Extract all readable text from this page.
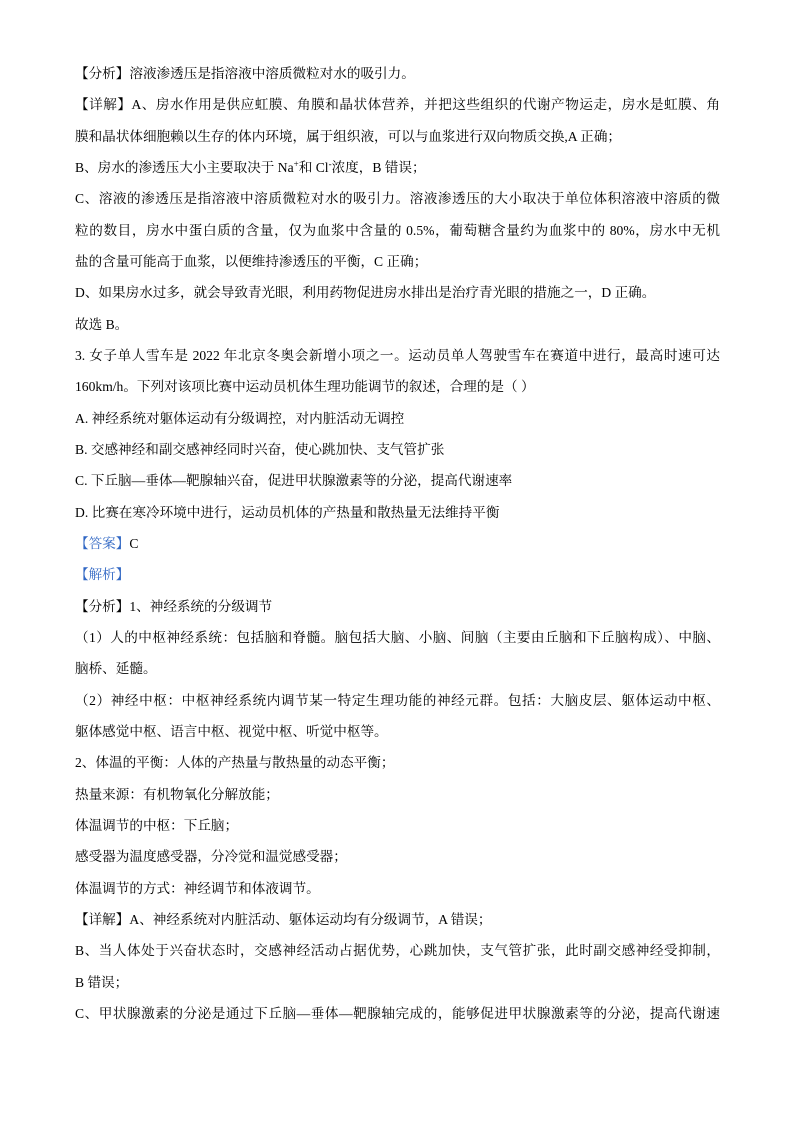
【分析】溶液渗透压是指溶液中溶质微粒对水的吸引力。
【详解】A、房水作用是供应虹膜、角膜和晶状体营养，并把这些组织的代谢产物运走，房水是虹膜、角
膜和晶状体细胞赖以生存的体内环境，属于组织液，可以与血浆进行双向物质交换,A 正确；
B、房水的渗透压大小主要取决于 Na+和 Cl-浓度，B 错误；
C、溶液的渗透压是指溶液中溶质微粒对水的吸引力。溶液渗透压的大小取决于单位体积溶液中溶质的微
粒的数目，房水中蛋白质的含量，仅为血浆中含量的 0.5%，葡萄糖含量约为血浆中的 80%，房水中无机
盐的含量可能高于血浆，以便维持渗透压的平衡，C 正确；
D、如果房水过多，就会导致青光眼，利用药物促进房水排出是治疗青光眼的措施之一，D 正确。
故选 B。
3. 女子单人雪车是 2022 年北京冬奥会新增小项之一。运动员单人驾驶雪车在赛道中进行，最高时速可达
160km/h。下列对该项比赛中运动员机体生理功能调节的叙述，合理的是（ ）
A. 神经系统对躯体运动有分级调控，对内脏活动无调控
B. 交感神经和副交感神经同时兴奋，使心跳加快、支气管扩张
C. 下丘脑—垂体—靶腺轴兴奋，促进甲状腺激素等的分泌，提高代谢速率
D. 比赛在寒冷环境中进行，运动员机体的产热量和散热量无法维持平衡
【答案】C
【解析】
【分析】1、神经系统的分级调节
（1）人的中枢神经系统：包括脑和脊髓。脑包括大脑、小脑、间脑（主要由丘脑和下丘脑构成）、中脑、
脑桥、延髓。
（2）神经中枢：中枢神经系统内调节某一特定生理功能的神经元群。包括：大脑皮层、躯体运动中枢、
躯体感觉中枢、语言中枢、视觉中枢、听觉中枢等。
2、体温的平衡：人体的产热量与散热量的动态平衡；
热量来源：有机物氧化分解放能；
体温调节的中枢：下丘脑；
感受器为温度感受器，分冷觉和温觉感受器；
体温调节的方式：神经调节和体液调节。
【详解】A、神经系统对内脏活动、躯体运动均有分级调节，A 错误；
B、当人体处于兴奋状态时，交感神经活动占据优势，心跳加快，支气管扩张，此时副交感神经受抑制，
B 错误；
C、甲状腺激素的分泌是通过下丘脑—垂体—靶腺轴完成的，能够促进甲状腺激素等的分泌，提高代谢速
